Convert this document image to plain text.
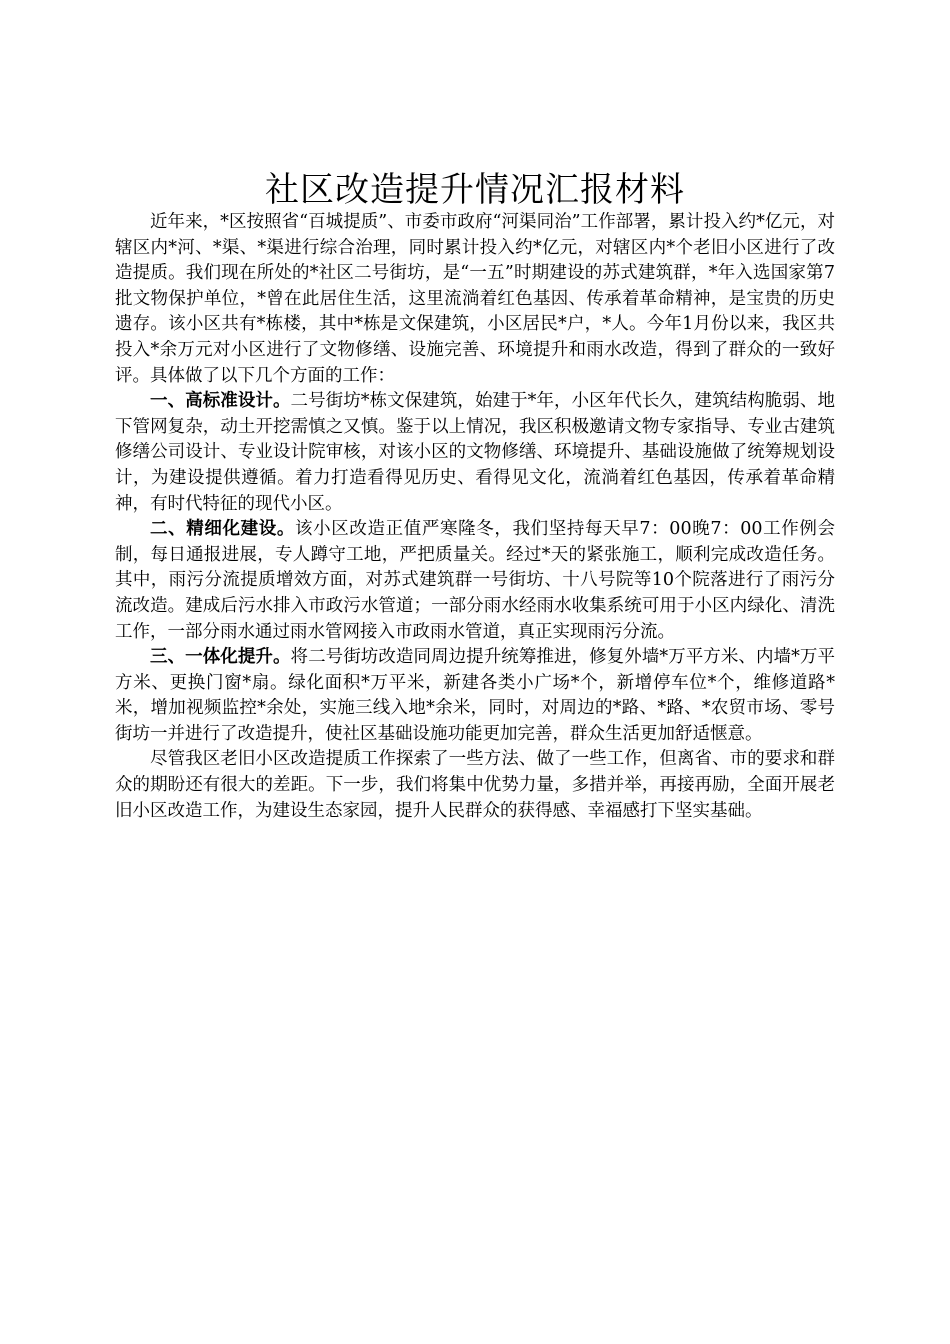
社区改造提升情况汇报材料

近年来，*区按照省“百城提质”、市委市政府“河渠同治”工作部署，累计投入约*亿元，对辖区内*河、*渠、*渠进行综合治理，同时累计投入约*亿元，对辖区内*个老旧小区进行了改造提质。我们现在所处的*社区二号街坊，是“一五”时期建设的苏式建筑群，*年入选国家第7批文物保护单位，*曾在此居住生活，这里流淌着红色基因、传承着革命精神，是宝贵的历史遗存。该小区共有*栋楼，其中*栋是文保建筑，小区居民*户，*人。今年1月份以来，我区共投入*余万元对小区进行了文物修缮、设施完善、环境提升和雨水改造，得到了群众的一致好评。具体做了以下几个方面的工作：

一、高标准设计。二号街坊*栋文保建筑，始建于*年，小区年代长久，建筑结构脆弱、地下管网复杂，动土开挖需慎之又慎。鉴于以上情况，我区积极邀请文物专家指导、专业古建筑修缮公司设计、专业设计院审核，对该小区的文物修缮、环境提升、基础设施做了统筹规划设计，为建设提供遵循。着力打造看得见历史、看得见文化，流淌着红色基因，传承着革命精神，有时代特征的现代小区。

二、精细化建设。该小区改造正值严寒隆冬，我们坚持每天早7：00晚7：00工作例会制，每日通报进展，专人蹲守工地，严把质量关。经过*天的紧张施工，顺利完成改造任务。其中，雨污分流提质增效方面，对苏式建筑群一号街坊、十八号院等10个院落进行了雨污分流改造。建成后污水排入市政污水管道；一部分雨水经雨水收集系统可用于小区内绿化、清洗工作，一部分雨水通过雨水管网接入市政雨水管道，真正实现雨污分流。

三、一体化提升。将二号街坊改造同周边提升统筹推进，修复外墙*万平方米、内墙*万平方米、更换门窗*扇。绿化面积*万平米，新建各类小广场*个，新增停车位*个，维修道路*米，增加视频监控*余处，实施三线入地*余米，同时，对周边的*路、*路、*农贸市场、零号街坊一并进行了改造提升，使社区基础设施功能更加完善，群众生活更加舒适惬意。

尽管我区老旧小区改造提质工作探索了一些方法、做了一些工作，但离省、市的要求和群众的期盼还有很大的差距。下一步，我们将集中优势力量，多措并举，再接再励，全面开展老旧小区改造工作，为建设生态家园，提升人民群众的获得感、幸福感打下坚实基础。
